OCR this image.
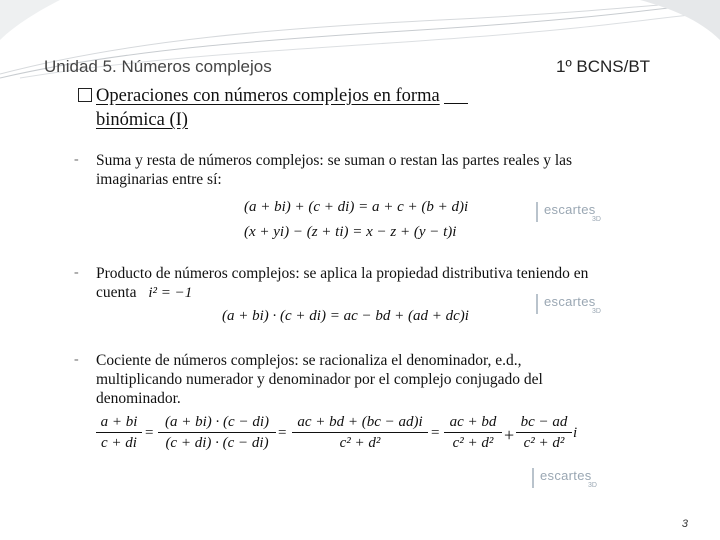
Unidad 5. Números complejos	1º BCNS/BT
Operaciones con números complejos en forma
binómica (I)
- Suma y resta de números complejos: se suman o restan las partes reales y las
imaginarias entre sí:
(a + bi) + (c + di) = a + c + (b + d)i
(x + yi) − (z + ti) = x − z + (y − t)i
escartes
3D
- Producto de números complejos: se aplica la propiedad distributiva teniendo en
cuenta i² = −1
(a + bi) · (c + di) = ac − bd + (ad + dc)i
escartes
3D
- Cociente de números complejos: se racionaliza el denominador, e.d.,
multiplicando numerador y denominador por el complejo conjugado del
denominador.
$\frac{a + bi}{c + di} = \frac{(a + bi) \cdot (c - di)}{(c + di) \cdot (c - di)} = \frac{ac + bd + (bc - ad)i}{\text{c² + d²}} = \frac{ac + bd}{\text{c² + d²}} + \frac{bc - ad}{\text{c² + d²}}$ i
escartes
3D
3
